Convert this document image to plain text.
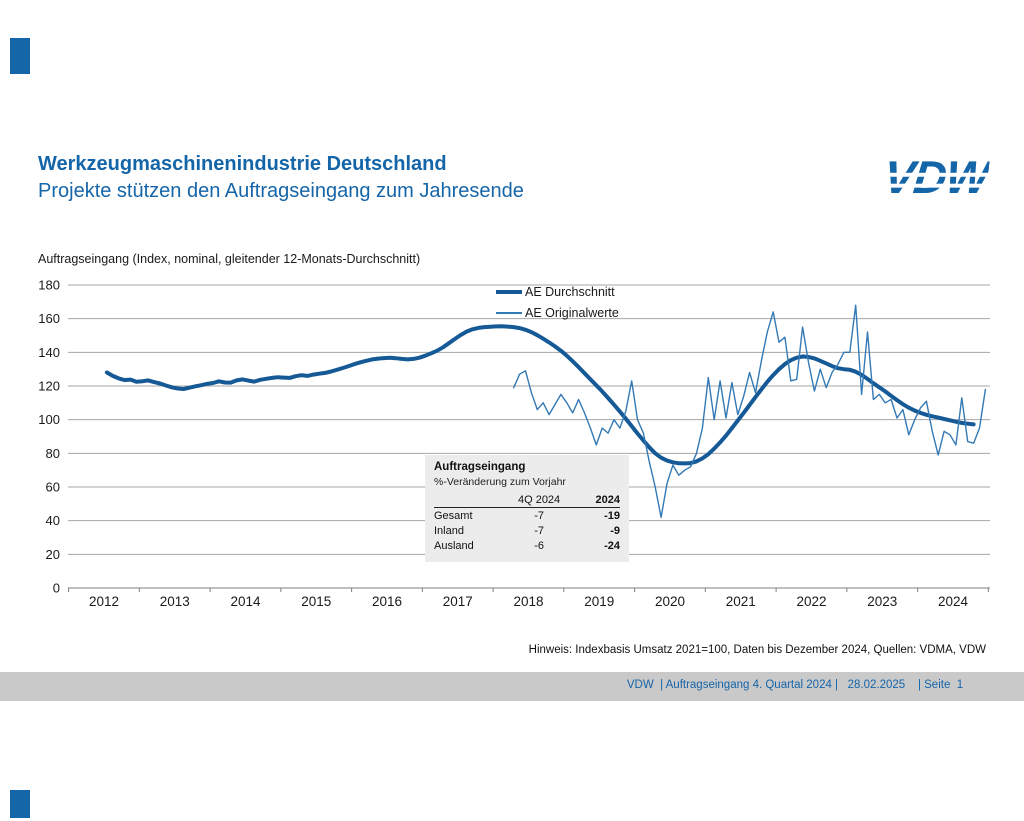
Werkzeugmaschinenindustrie Deutschland
Projekte stützen den Auftragseingang zum Jahresende	VDW
Auftragseingang (Index, nominal, gleitender 12-Monats-Durchschnitt)
0
20
40
60
80
100
120
140
160
180
2012	2013	2014	2015	2016	2017	2018	2019	2020	2021	2022	2023	2024
AE Durchschnitt
AE Originalwerte
Auftragseingang
%-Veränderung zum Vorjahr
	4Q 2024	2024
Gesamt	-7	-19
Inland	-7	-9
Ausland	-6	-24
Hinweis: Indexbasis Umsatz 2021=100, Daten bis Dezember 2024, Quellen: VDMA, VDW
VDW  | Auftragseingang 4. Quartal 2024 |   28.02.2025    | Seite  1
